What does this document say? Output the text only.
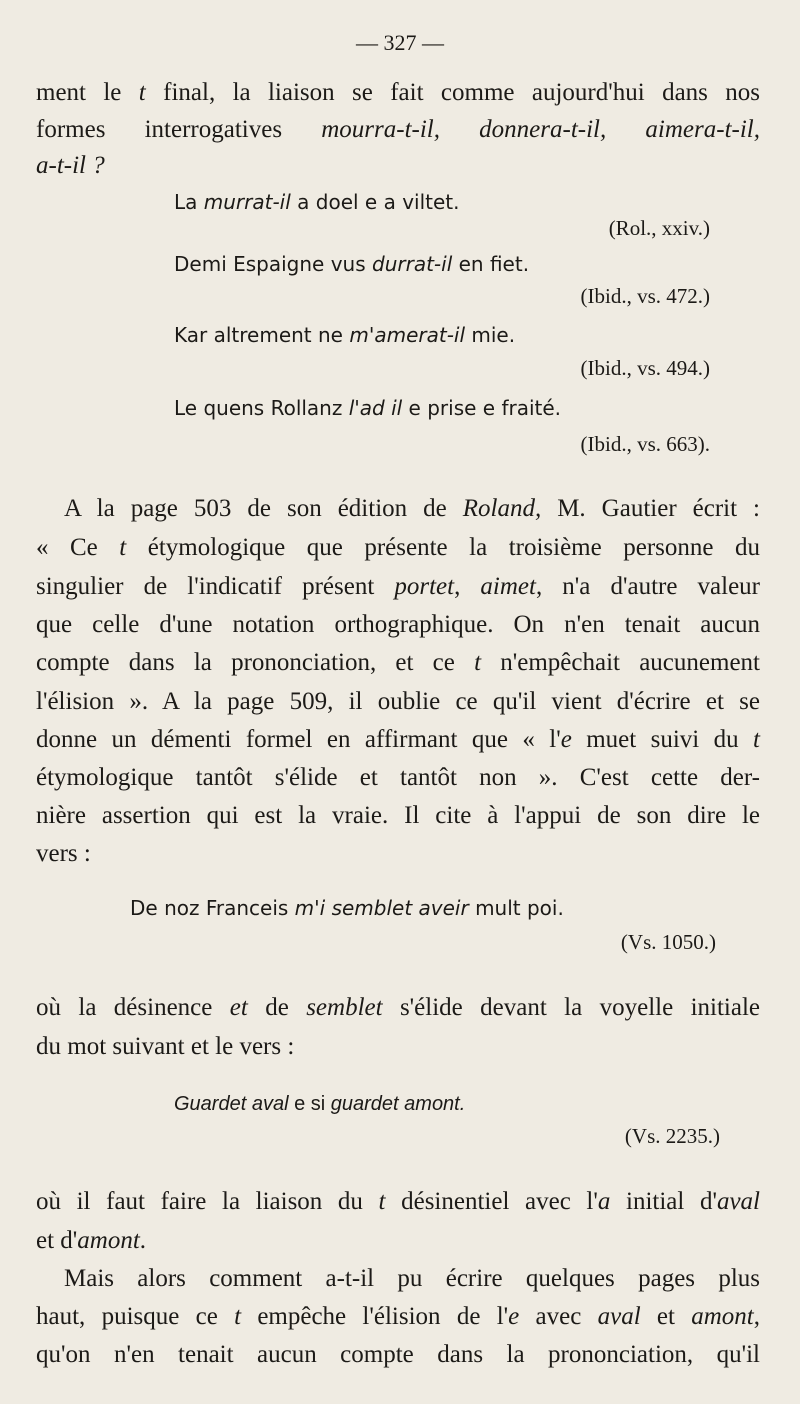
— 327 —
ment le t final, la liaison se fait comme aujourd'hui dans nos
formes interrogatives mourra-t-il, donnera-t-il, aimera-t-il,
a-t-il ?
La murrat-il a doel e a viltet.
(Rol., xxiv.)
Demi Espaigne vus durrat-il en fiet.
(Ibid., vs. 472.)
Kar altrement ne m'amerat-il mie.
(Ibid., vs. 494.)
Le quens Rollanz l'ad il e prise e fraité.
(Ibid., vs. 663).
A la page 503 de son édition de Roland, M. Gautier écrit :
« Ce t étymologique que présente la troisième personne du
singulier de l'indicatif présent portet, aimet, n'a d'autre valeur
que celle d'une notation orthographique. On n'en tenait aucun
compte dans la prononciation, et ce t n'empêchait aucunement
l'élision ». A la page 509, il oublie ce qu'il vient d'écrire et se
donne un démenti formel en affirmant que « l'e muet suivi du t
étymologique tantôt s'élide et tantôt non ». C'est cette der-
nière assertion qui est la vraie. Il cite à l'appui de son dire le
vers :
De noz Franceis m'i semblet aveir mult poi.
(Vs. 1050.)
où la désinence et de semblet s'élide devant la voyelle initiale
du mot suivant et le vers :
Guardet aval e si guardet amont.
(Vs. 2235.)
où il faut faire la liaison du t désinentiel avec l'a initial d'aval
et d'amont.
Mais alors comment a-t-il pu écrire quelques pages plus
haut, puisque ce t empêche l'élision de l'e avec aval et amont,
qu'on n'en tenait aucun compte dans la prononciation, qu'il
